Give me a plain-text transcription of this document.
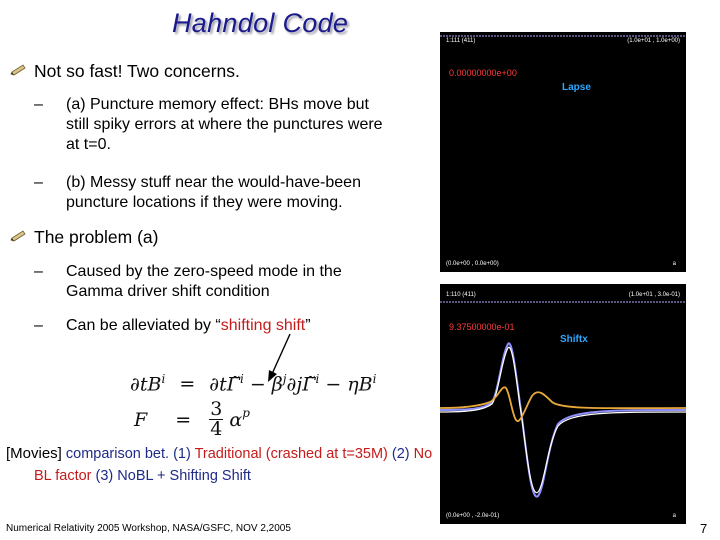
Hahndol Code
Not so fast! Two concerns.
– (a) Puncture memory effect: BHs move but
still spiky errors at where the punctures were
at t=0.
– (b) Messy stuff near the would-have-been
puncture locations if they were moving.
The problem (a)
– Caused by the zero-speed mode in the
Gamma driver shift condition
– Can be alleviated by “shifting shift”
$\partial tB^i$ = ∂tΓ̃$^i$ − $\beta^j\partial j\Gammã^i - \eta B^i$
$F = \frac{3}{4} \alpha^p$
[Movies] comparison bet. (1) Traditional (crashed at t=35M) (2) No BL factor (3) NoBL + Shifting Shift
Numerical Relativity 2005 Workshop, NASA/GSFC, NOV 2,2005	7
1:111 (411)	(1.0e+01 , 1.0e+00)
0.00000000e+00
Lapse
(0.0e+00 , 0.0e+00)	a
1:110 (411)	(1.0e+01 , 3.0e-01)
9.37500000e-01
Shiftx
(0.0e+00 , -2.0e-01)	a
